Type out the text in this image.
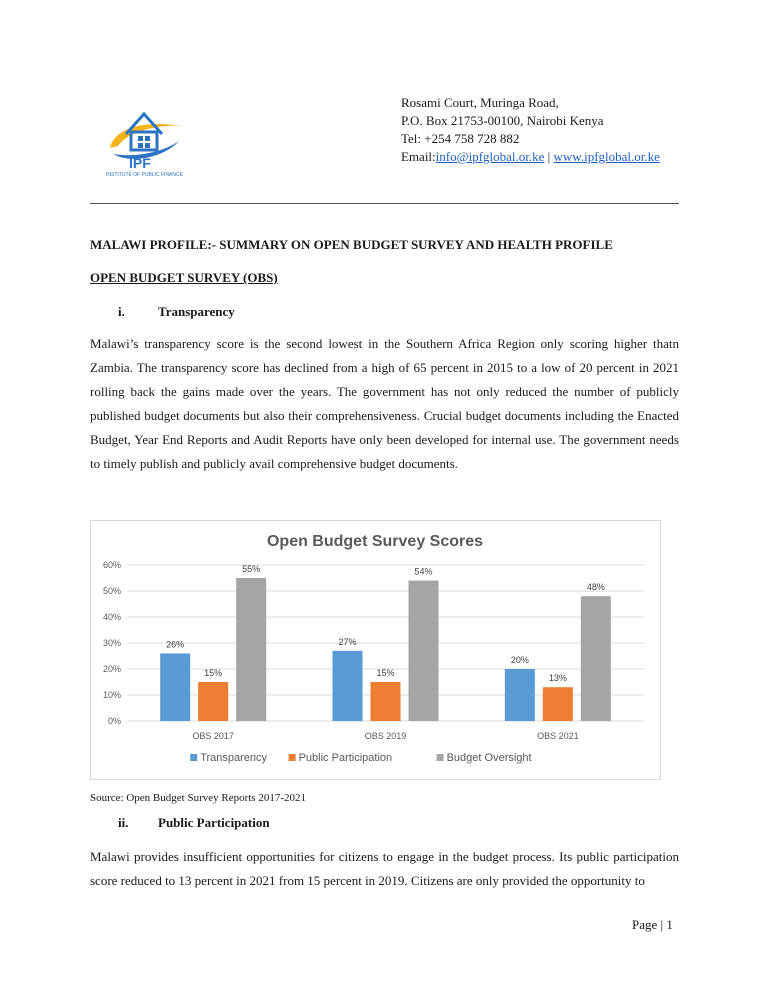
IPF
INSTITUTE OF PUBLIC FINANCE
Rosami Court, Muringa Road,
P.O. Box 21753-00100, Nairobi Kenya
Tel: +254 758 728 882
Email:info@ipfglobal.or.ke | www.ipfglobal.or.ke
MALAWI PROFILE:- SUMMARY ON OPEN BUDGET SURVEY AND HEALTH PROFILE
OPEN BUDGET SURVEY (OBS)
i.	Transparency
Malawi’s transparency score is the second lowest in the Southern Africa Region only scoring higher thatn Zambia. The transparency score has declined from a high of 65 percent in 2015 to a low of 20 percent in 2021 rolling back the gains made over the years. The government has not only reduced the number of publicly published budget documents but also their comprehensiveness. Crucial budget documents including the Enacted Budget, Year End Reports and Audit Reports have only been developed for internal use. The government needs to timely publish and publicly avail comprehensive budget documents.
Open Budget Survey Scores
0%
10%
20%
30%
40%
50%
60%
26%
15%
55%
OBS 2017
27%
15%
54%
OBS 2019
20%
13%
48%
OBS 2021
Transparency	Public Participation	Budget Oversight
Source: Open Budget Survey Reports 2017-2021
ii. Public Participation
Malawi provides insufficient opportunities for citizens to engage in the budget process. Its public participation score reduced to 13 percent in 2021 from 15 percent in 2019. Citizens are only provided the opportunity to
Page | 1
